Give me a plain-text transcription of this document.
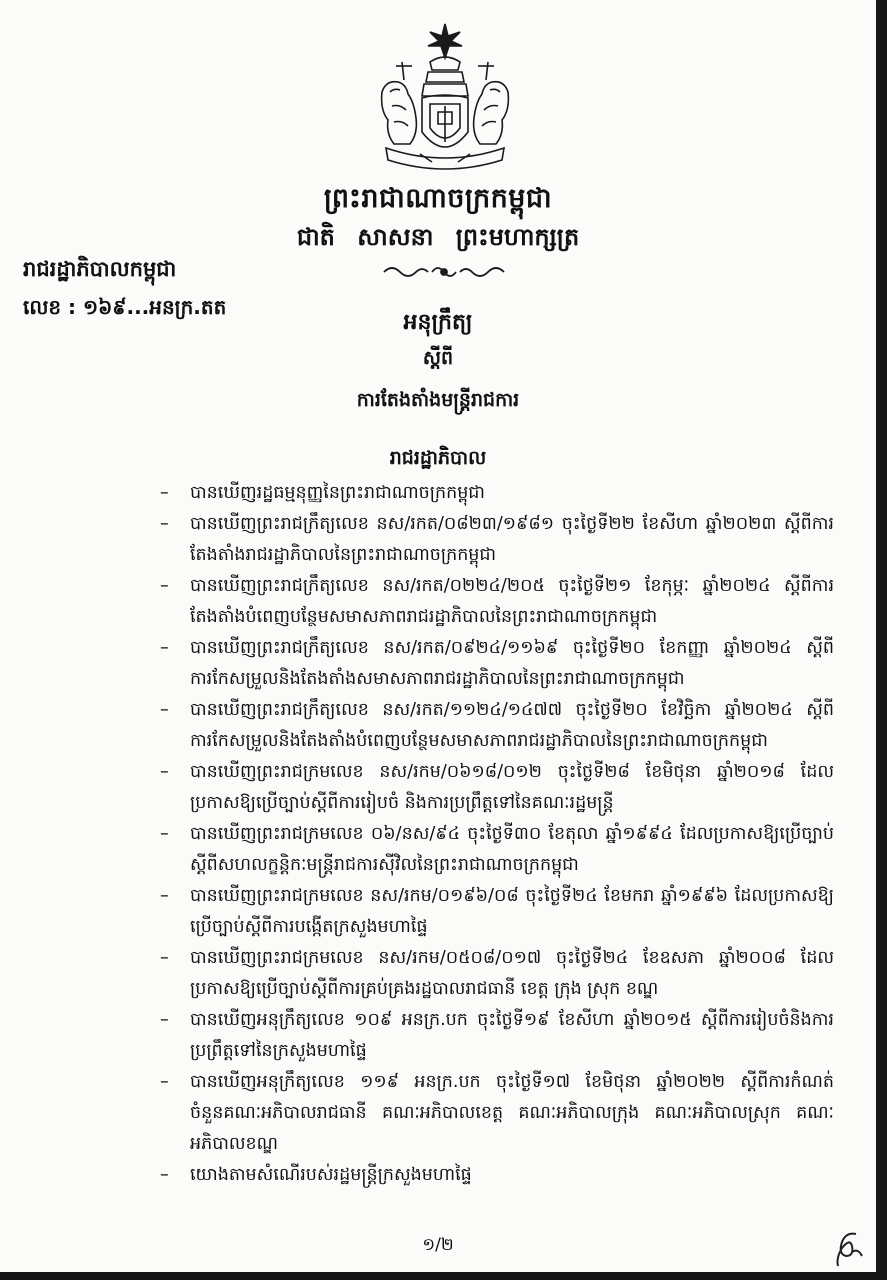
ព្រះរាជាណាចក្រកម្ពុជា
ជាតិ សាសនា ព្រះមហាក្សត្រ
រាជរដ្ឋាភិបាលកម្ពុជា
លេខ : ១៦៩...អនក្រ.តត
អនុក្រឹត្យ
ស្តីពី
ការតែងតាំងមន្ត្រីរាជការ
រាជរដ្ឋាភិបាល
– បានឃើញរដ្ឋធម្មនុញ្ញនៃព្រះរាជាណាចក្រកម្ពុជា
– បានឃើញព្រះរាជក្រឹត្យលេខ នស/រកត/០៨២៣/១៩៨១ ចុះថ្ងៃទី២២ ខែសីហា ឆ្នាំ២០២៣ ស្តីពីការតែងតាំងរាជរដ្ឋាភិបាលនៃព្រះរាជាណាចក្រកម្ពុជា
– បានឃើញព្រះរាជក្រឹត្យលេខ នស/រកត/០២២៤/២០៥ ចុះថ្ងៃទី២១ ខែកុម្ភៈ ឆ្នាំ២០២៤ ស្តីពីការតែងតាំងបំពេញបន្ថែមសមាសភាពរាជរដ្ឋាភិបាលនៃព្រះរាជាណាចក្រកម្ពុជា
– បានឃើញព្រះរាជក្រឹត្យលេខ នស/រកត/០៩២៤/១១៦៩ ចុះថ្ងៃទី២០ ខែកញ្ញា ឆ្នាំ២០២៤ ស្តីពីការកែសម្រួលនិងតែងតាំងសមាសភាពរាជរដ្ឋាភិបាលនៃព្រះរាជាណាចក្រកម្ពុជា
– បានឃើញព្រះរាជក្រឹត្យលេខ នស/រកត/១១២៤/១៤៧៧ ចុះថ្ងៃទី២០ ខែវិច្ឆិកា ឆ្នាំ២០២៤ ស្តីពីការកែសម្រួលនិងតែងតាំងបំពេញបន្ថែមសមាសភាពរាជរដ្ឋាភិបាលនៃព្រះរាជាណាចក្រកម្ពុជា
– បានឃើញព្រះរាជក្រមលេខ នស/រកម/០៦១៨/០១២ ចុះថ្ងៃទី២៨ ខែមិថុនា ឆ្នាំ២០១៨ ដែលប្រកាសឱ្យប្រើច្បាប់ស្តីពីការរៀបចំ និងការប្រព្រឹត្តទៅនៃគណៈរដ្ឋមន្ត្រី
– បានឃើញព្រះរាជក្រមលេខ ០៦/នស/៩៤ ចុះថ្ងៃទី៣០ ខែតុលា ឆ្នាំ១៩៩៤ ដែលប្រកាសឱ្យប្រើច្បាប់ស្តីពីសហលក្ខន្តិកៈមន្ត្រីរាជការស៊ីវិលនៃព្រះរាជាណាចក្រកម្ពុជា
– បានឃើញព្រះរាជក្រមលេខ នស/រកម/០១៩៦/០៨ ចុះថ្ងៃទី២៤ ខែមករា ឆ្នាំ១៩៩៦ ដែលប្រកាសឱ្យប្រើច្បាប់ស្តីពីការបង្កើតក្រសួងមហាផ្ទៃ
– បានឃើញព្រះរាជក្រមលេខ នស/រកម/០៥០៨/០១៧ ចុះថ្ងៃទី២៤ ខែឧសភា ឆ្នាំ២០០៨ ដែលប្រកាសឱ្យប្រើច្បាប់ស្តីពីការគ្រប់គ្រងរដ្ឋបាលរាជធានី ខេត្ត ក្រុង ស្រុក ខណ្ឌ
– បានឃើញអនុក្រឹត្យលេខ ១០៩ អនក្រ.បក ចុះថ្ងៃទី១៩ ខែសីហា ឆ្នាំ២០១៥ ស្តីពីការរៀបចំនិងការប្រព្រឹត្តទៅនៃក្រសួងមហាផ្ទៃ
– បានឃើញអនុក្រឹត្យលេខ ១១៩ អនក្រ.បក ចុះថ្ងៃទី១៧ ខែមិថុនា ឆ្នាំ២០២២ ស្តីពីការកំណត់ចំនួនគណៈអភិបាលរាជធានី គណៈអភិបាលខេត្ត គណៈអភិបាលក្រុង គណៈអភិបាលស្រុក គណៈអភិបាលខណ្ឌ
– យោងតាមសំណើរបស់រដ្ឋមន្ត្រីក្រសួងមហាផ្ទៃ
១/២
